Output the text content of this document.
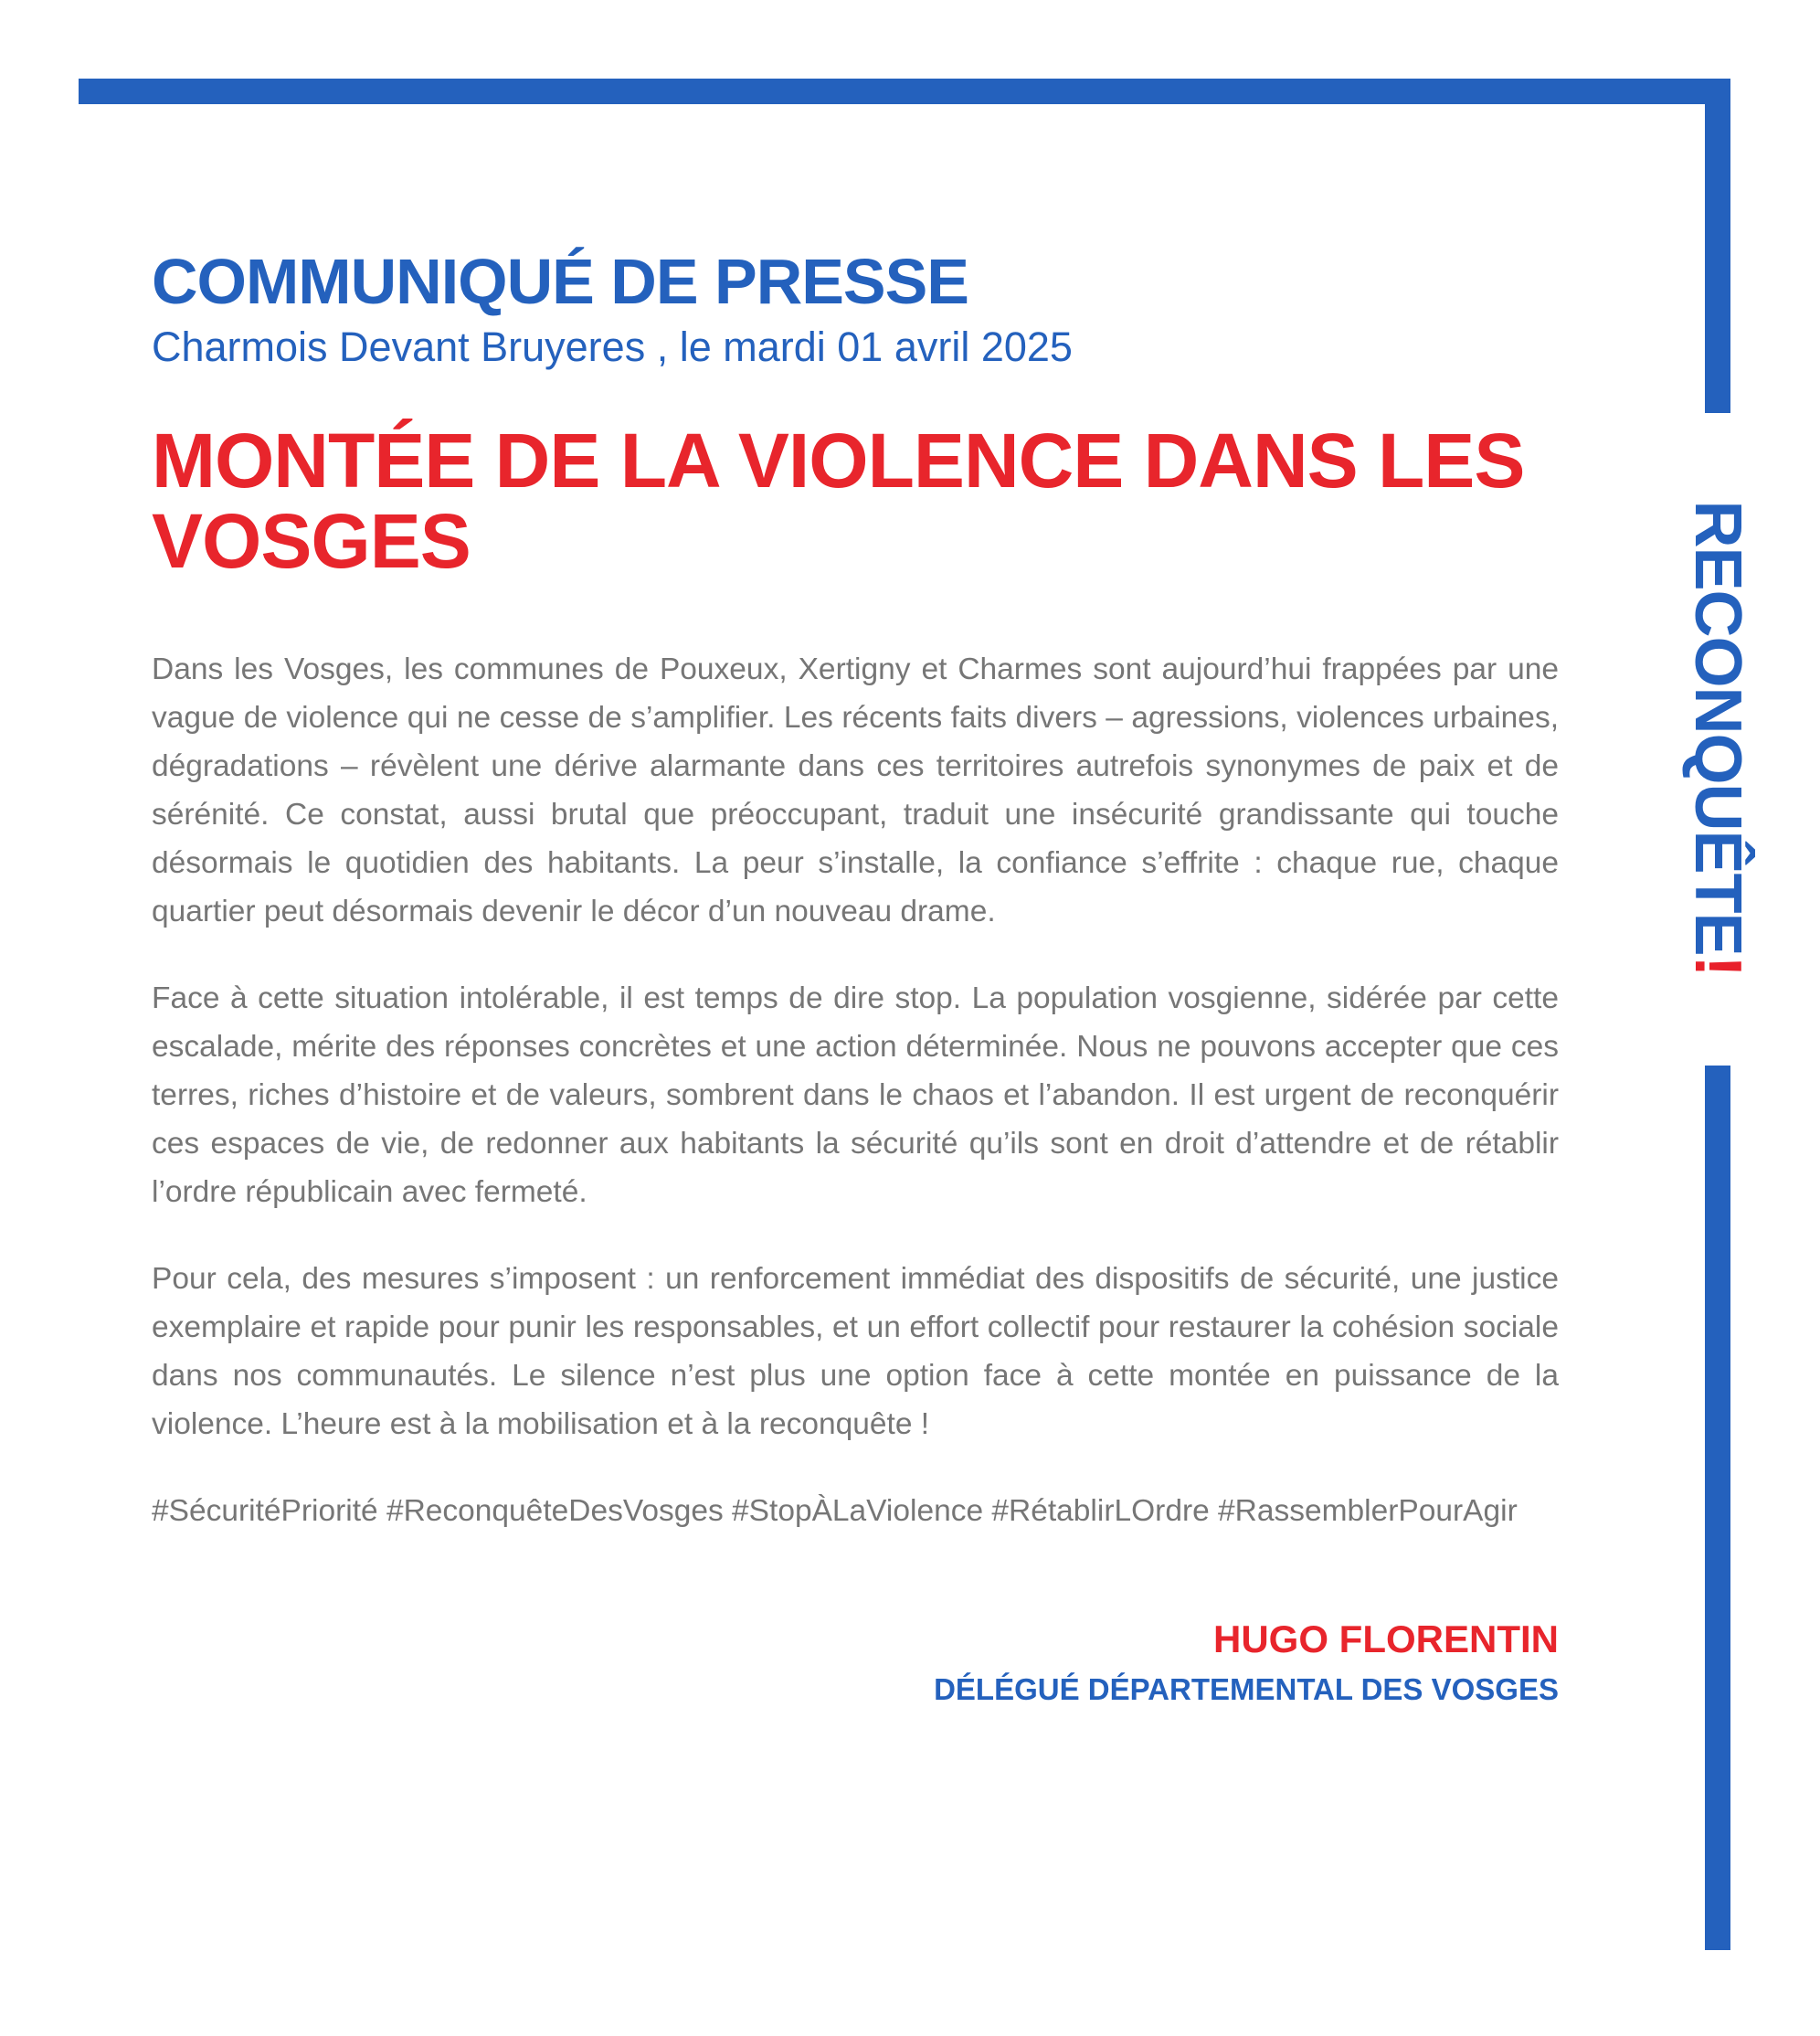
RECONQUÊTE!
COMMUNIQUÉ DE PRESSE

Charmois Devant Bruyeres , le mardi 01 avril 2025

MONTÉE DE LA VIOLENCE DANS LES VOSGES

Dans les Vosges, les communes de Pouxeux, Xertigny et Charmes sont aujourd’hui frappées par une vague de violence qui ne cesse de s’amplifier. Les récents faits divers – agressions, violences urbaines, dégradations – révèlent une dérive alarmante dans ces territoires autrefois synonymes de paix et de sérénité. Ce constat, aussi brutal que préoccupant, traduit une insécurité grandissante qui touche désormais le quotidien des habitants. La peur s’installe, la confiance s’effrite : chaque rue, chaque quartier peut désormais devenir le décor d’un nouveau drame.

Face à cette situation intolérable, il est temps de dire stop. La population vosgienne, sidérée par cette escalade, mérite des réponses concrètes et une action déterminée. Nous ne pouvons accepter que ces terres, riches d’histoire et de valeurs, sombrent dans le chaos et l’abandon. Il est urgent de reconquérir ces espaces de vie, de redonner aux habitants la sécurité qu’ils sont en droit d’attendre et de rétablir l’ordre républicain avec fermeté.

Pour cela, des mesures s’imposent : un renforcement immédiat des dispositifs de sécurité, une justice exemplaire et rapide pour punir les responsables, et un effort collectif pour restaurer la cohésion sociale dans nos communautés. Le silence n’est plus une option face à cette montée en puissance de la violence. L’heure est à la mobilisation et à la reconquête !

#SécuritéPriorité #ReconquêteDesVosges #StopÀLaViolence #RétablirLOrdre #RassemblerPourAgir
HUGO FLORENTIN
DÉLÉGUÉ DÉPARTEMENTAL DES VOSGES
